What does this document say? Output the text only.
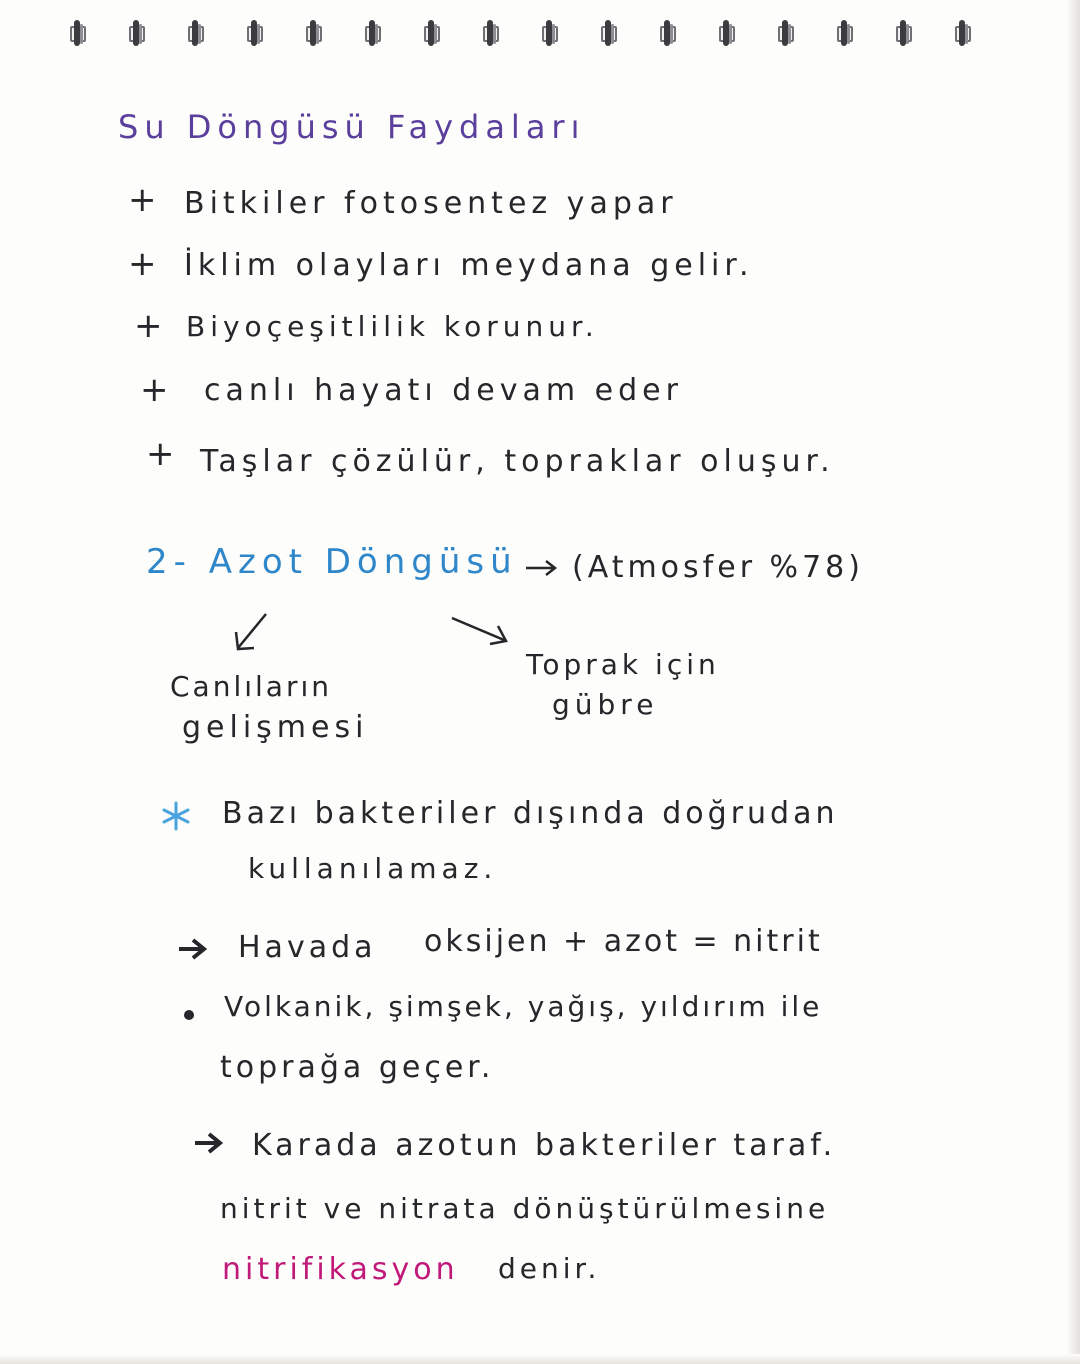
Su Döngüsü Faydaları

+ Bitkiler fotosentez yapar

+ İklim olayları meydana gelir.

+ Biyoçeşitlilik korunur.

+ canlı hayatı devam eder

+ Taşlar çözülür, topraklar oluşur.

2- Azot Döngüsü (Atmosfer %78)

Canlıların

gelişmesi

Toprak için

gübre

Bazı bakteriler dışında doğrudan

kullanılamaz.

Havada oksijen + azot = nitrit

Volkanik, şimşek, yağış, yıldırım ile

toprağa geçer.

Karada azotun bakteriler taraf.

nitrit ve nitrata dönüştürülmesine

nitrifikasyon denir.
